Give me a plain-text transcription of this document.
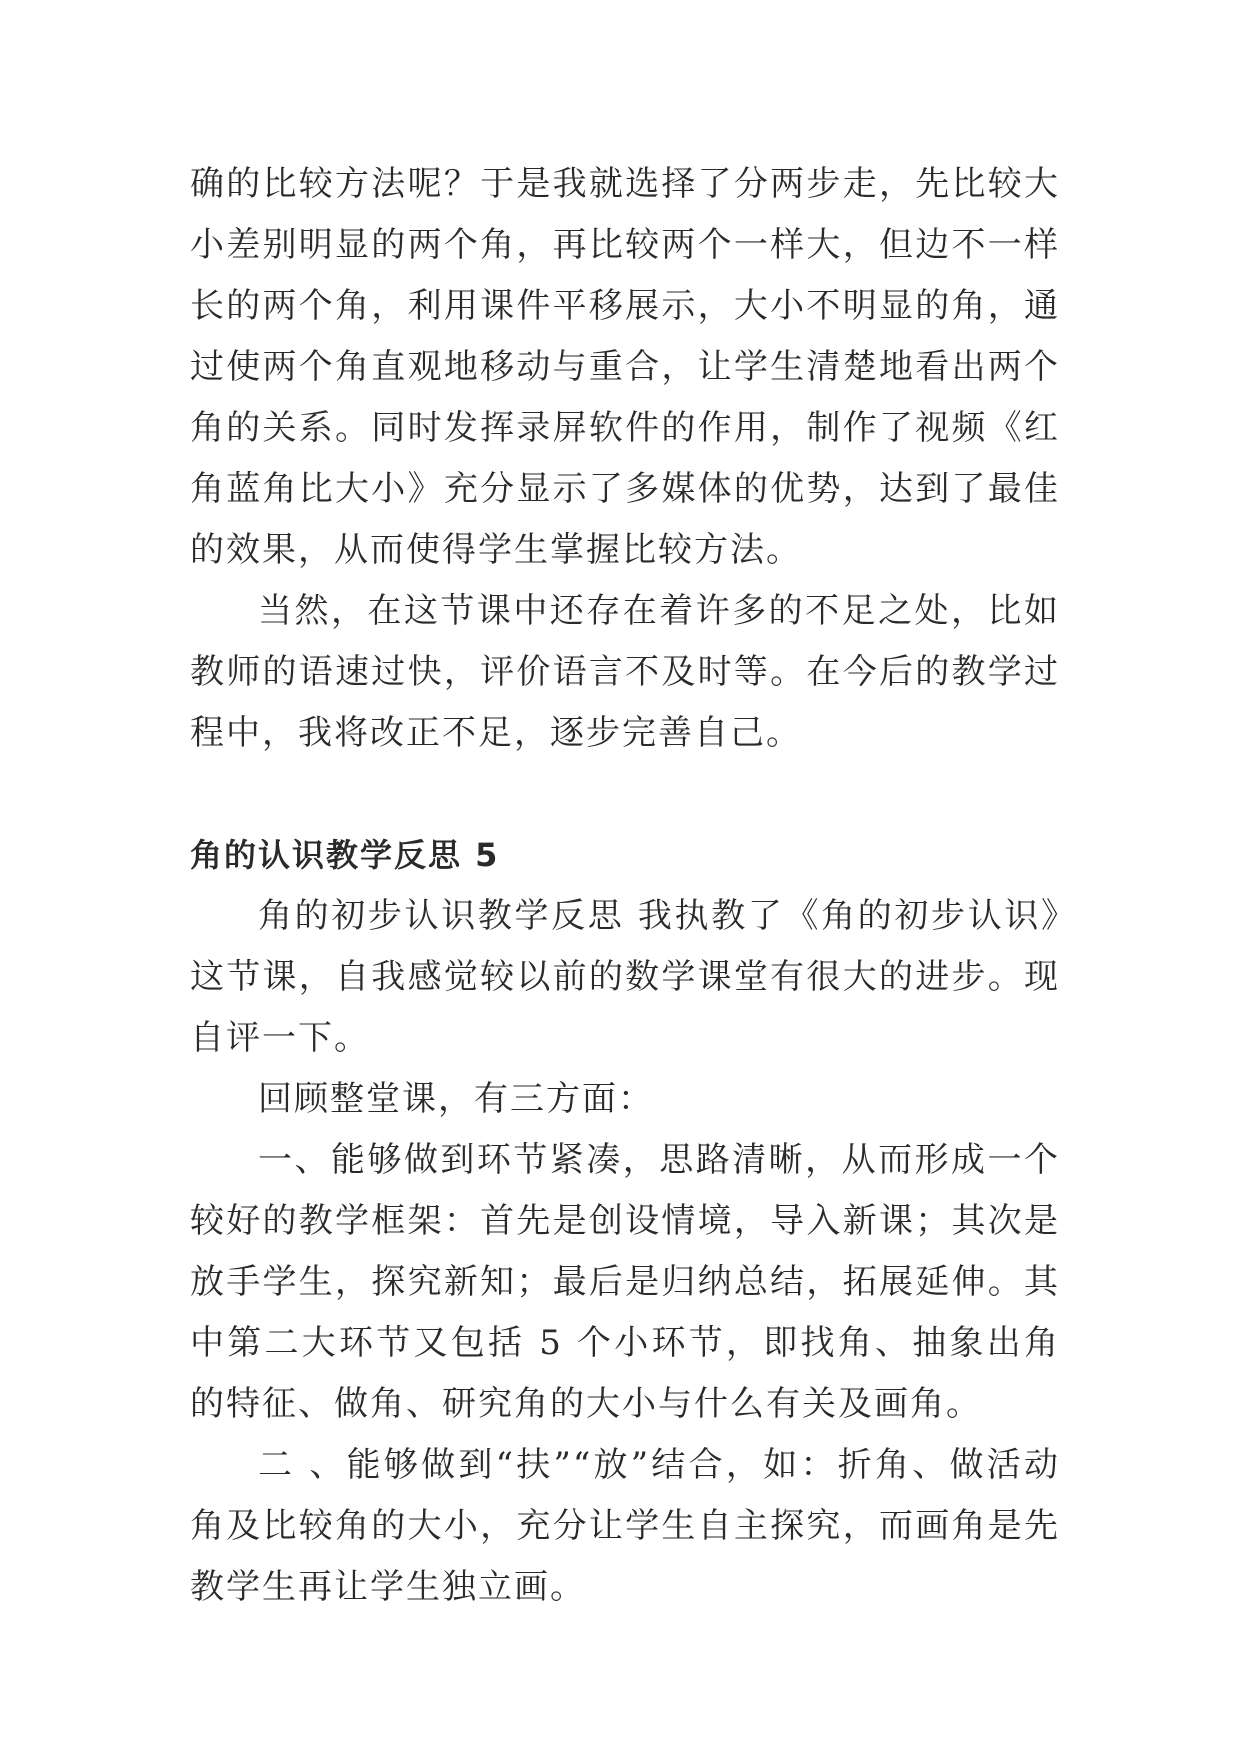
确的比较方法呢？于是我就选择了分两步走，先比较大小差别明显的两个角，再比较两个一样大，但边不一样长的两个角，利用课件平移展示，大小不明显的角，通过使两个角直观地移动与重合，让学生清楚地看出两个角的关系。同时发挥录屏软件的作用，制作了视频《红角蓝角比大小》充分显示了多媒体的优势，达到了最佳的效果，从而使得学生掌握比较方法。

当然，在这节课中还存在着许多的不足之处，比如教师的语速过快，评价语言不及时等。在今后的教学过程中，我将改正不足，逐步完善自己。

角的认识教学反思 5

角的初步认识教学反思 我执教了《角的初步认识》这节课，自我感觉较以前的数学课堂有很大的进步。现自评一下。

回顾整堂课，有三方面：

一、能够做到环节紧凑，思路清晰，从而形成一个较好的教学框架：首先是创设情境，导入新课；其次是放手学生，探究新知；最后是归纳总结，拓展延伸。其中第二大环节又包括 5 个小环节，即找角、抽象出角的特征、做角、研究角的大小与什么有关及画角。

二 、能够做到“扶”“放”结合，如：折角、做活动角及比较角的大小，充分让学生自主探究，而画角是先教学生再让学生独立画。
